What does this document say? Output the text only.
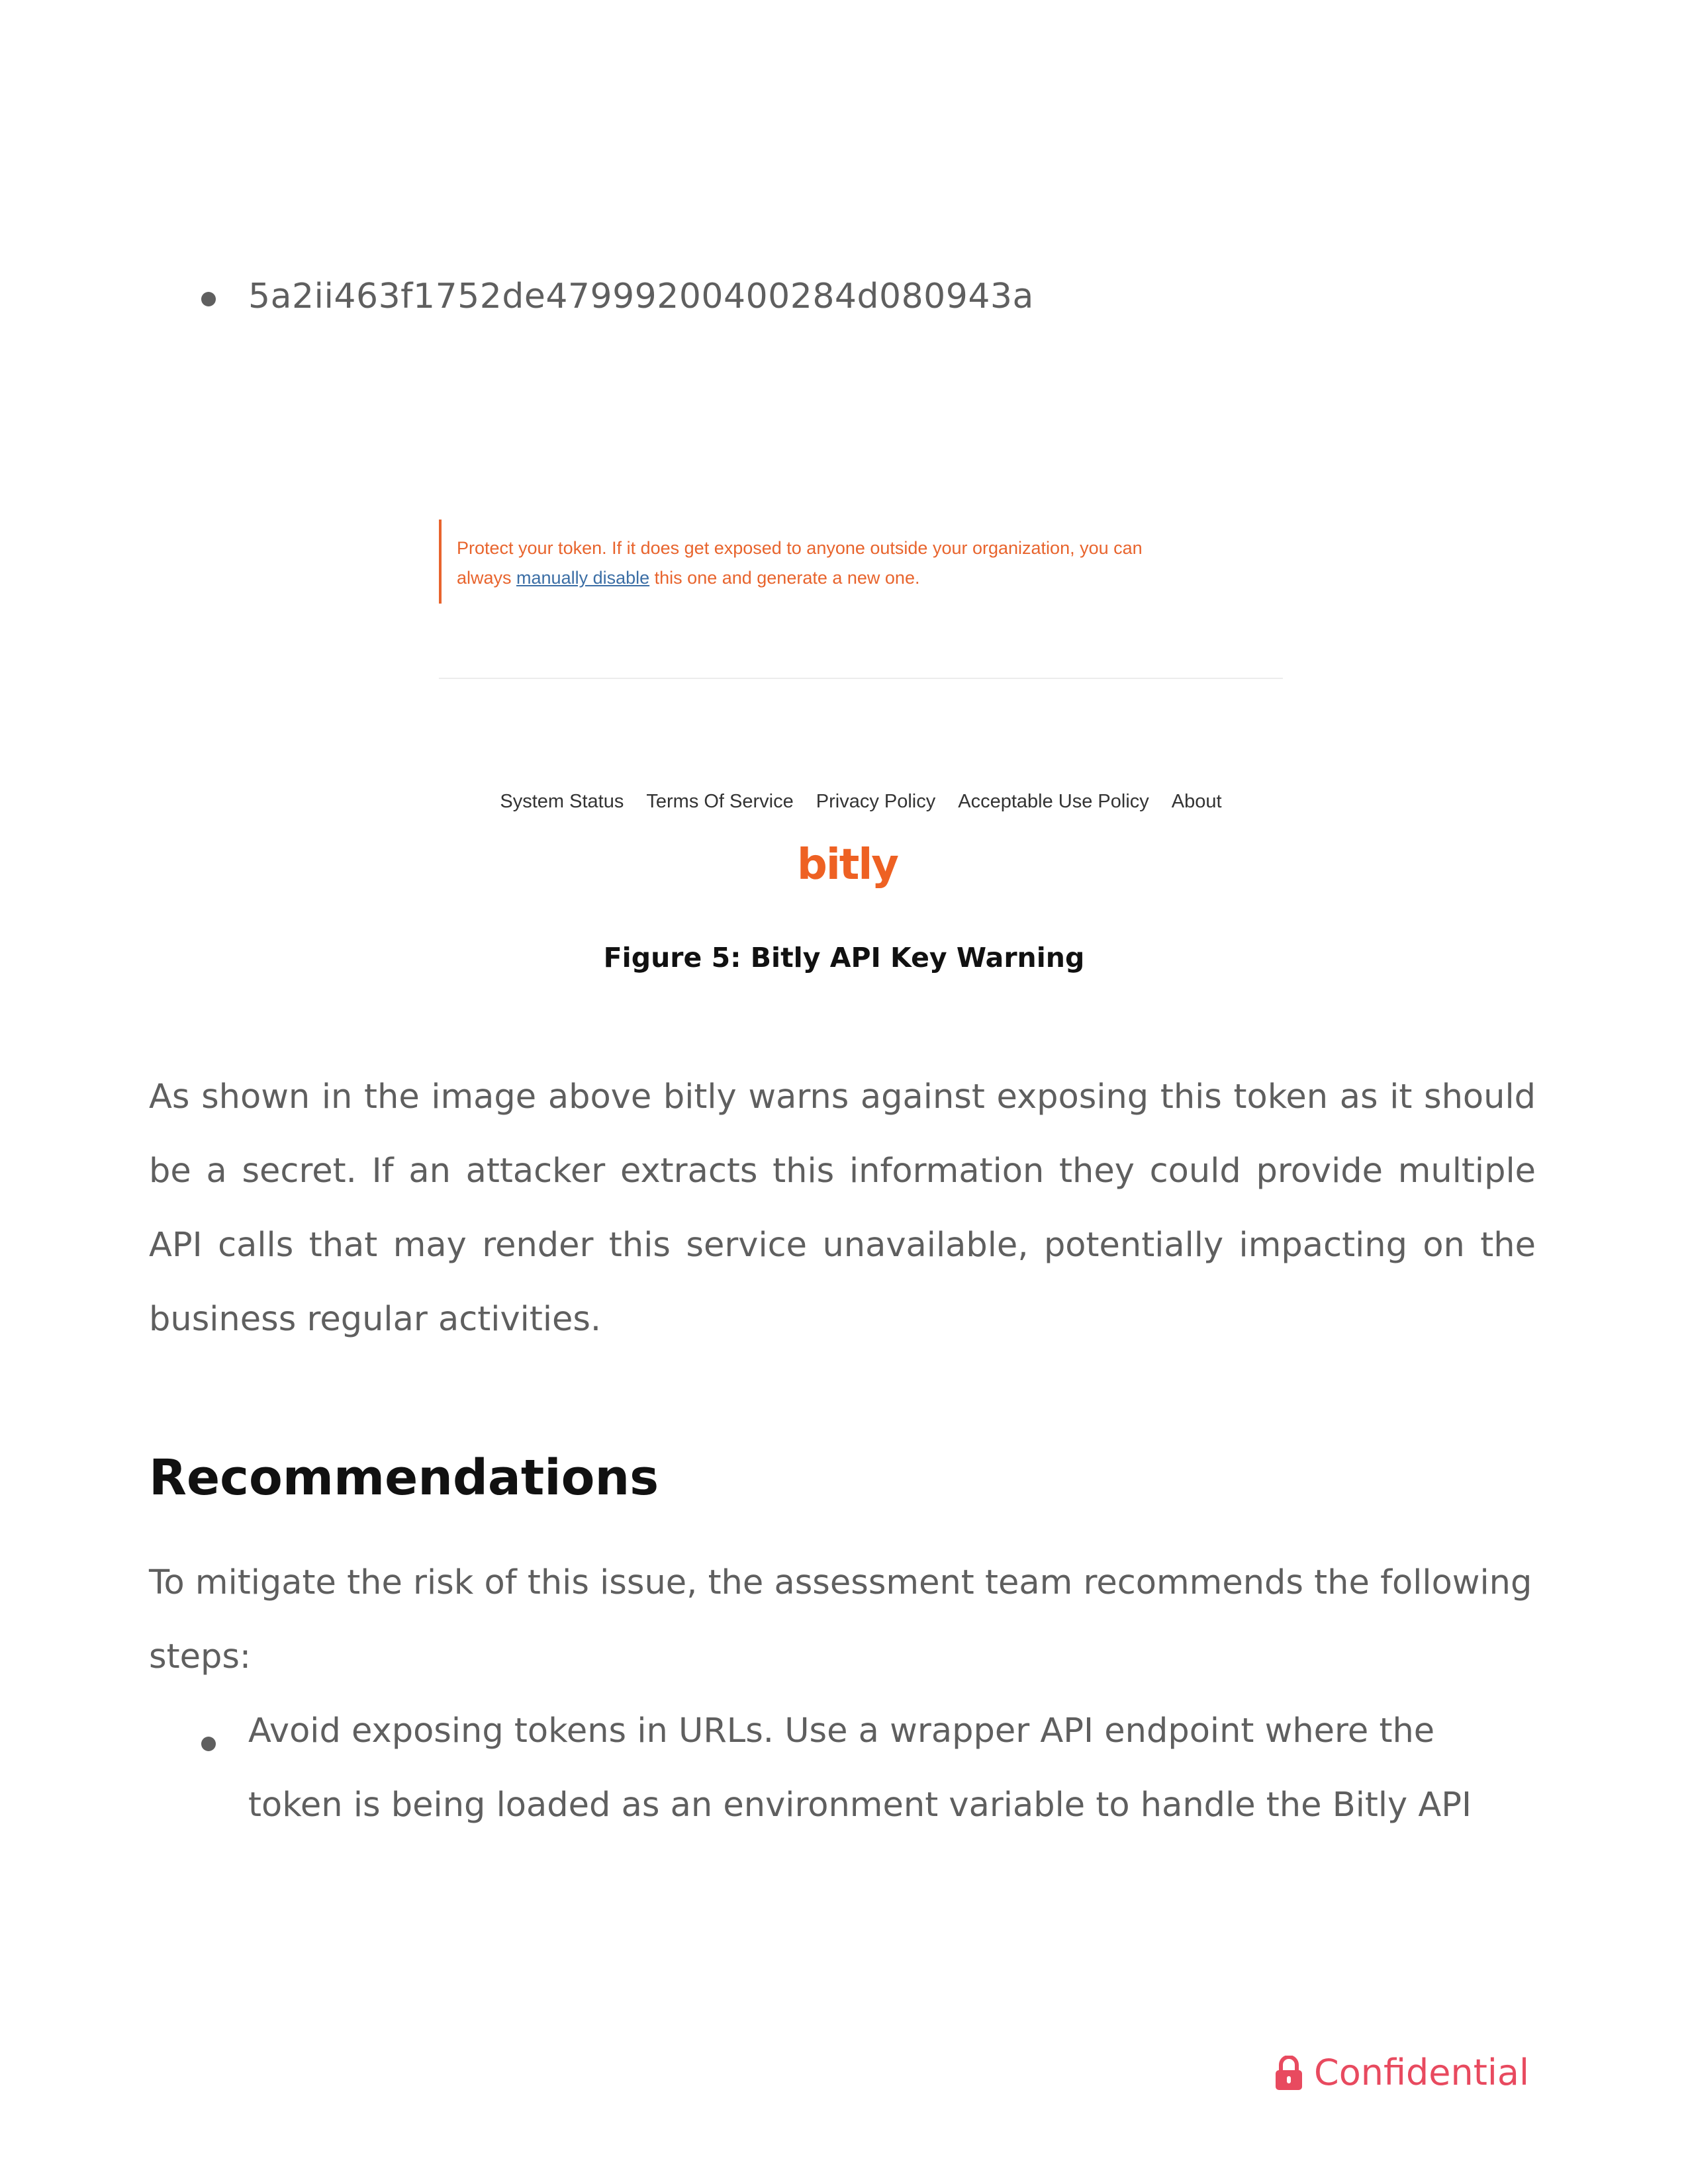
5a2ii463f1752de47999200400284d080943a
Protect your token. If it does get exposed to anyone outside your organization, you can
always manually disable this one and generate a new one.
System Status Terms Of Service Privacy Policy Acceptable Use Policy About
bitly
Figure 5: Bitly API Key Warning
As shown in the image above bitly warns against exposing this token as it should be a secret. If an attacker extracts this information they could provide multiple API calls that may render this service unavailable, potentially impacting on the business regular activities.
Recommendations
To mitigate the risk of this issue, the assessment team recommends the following steps:
Avoid exposing tokens in URLs. Use a wrapper API endpoint where the token is being loaded as an environment variable to handle the Bitly API
Confidential
